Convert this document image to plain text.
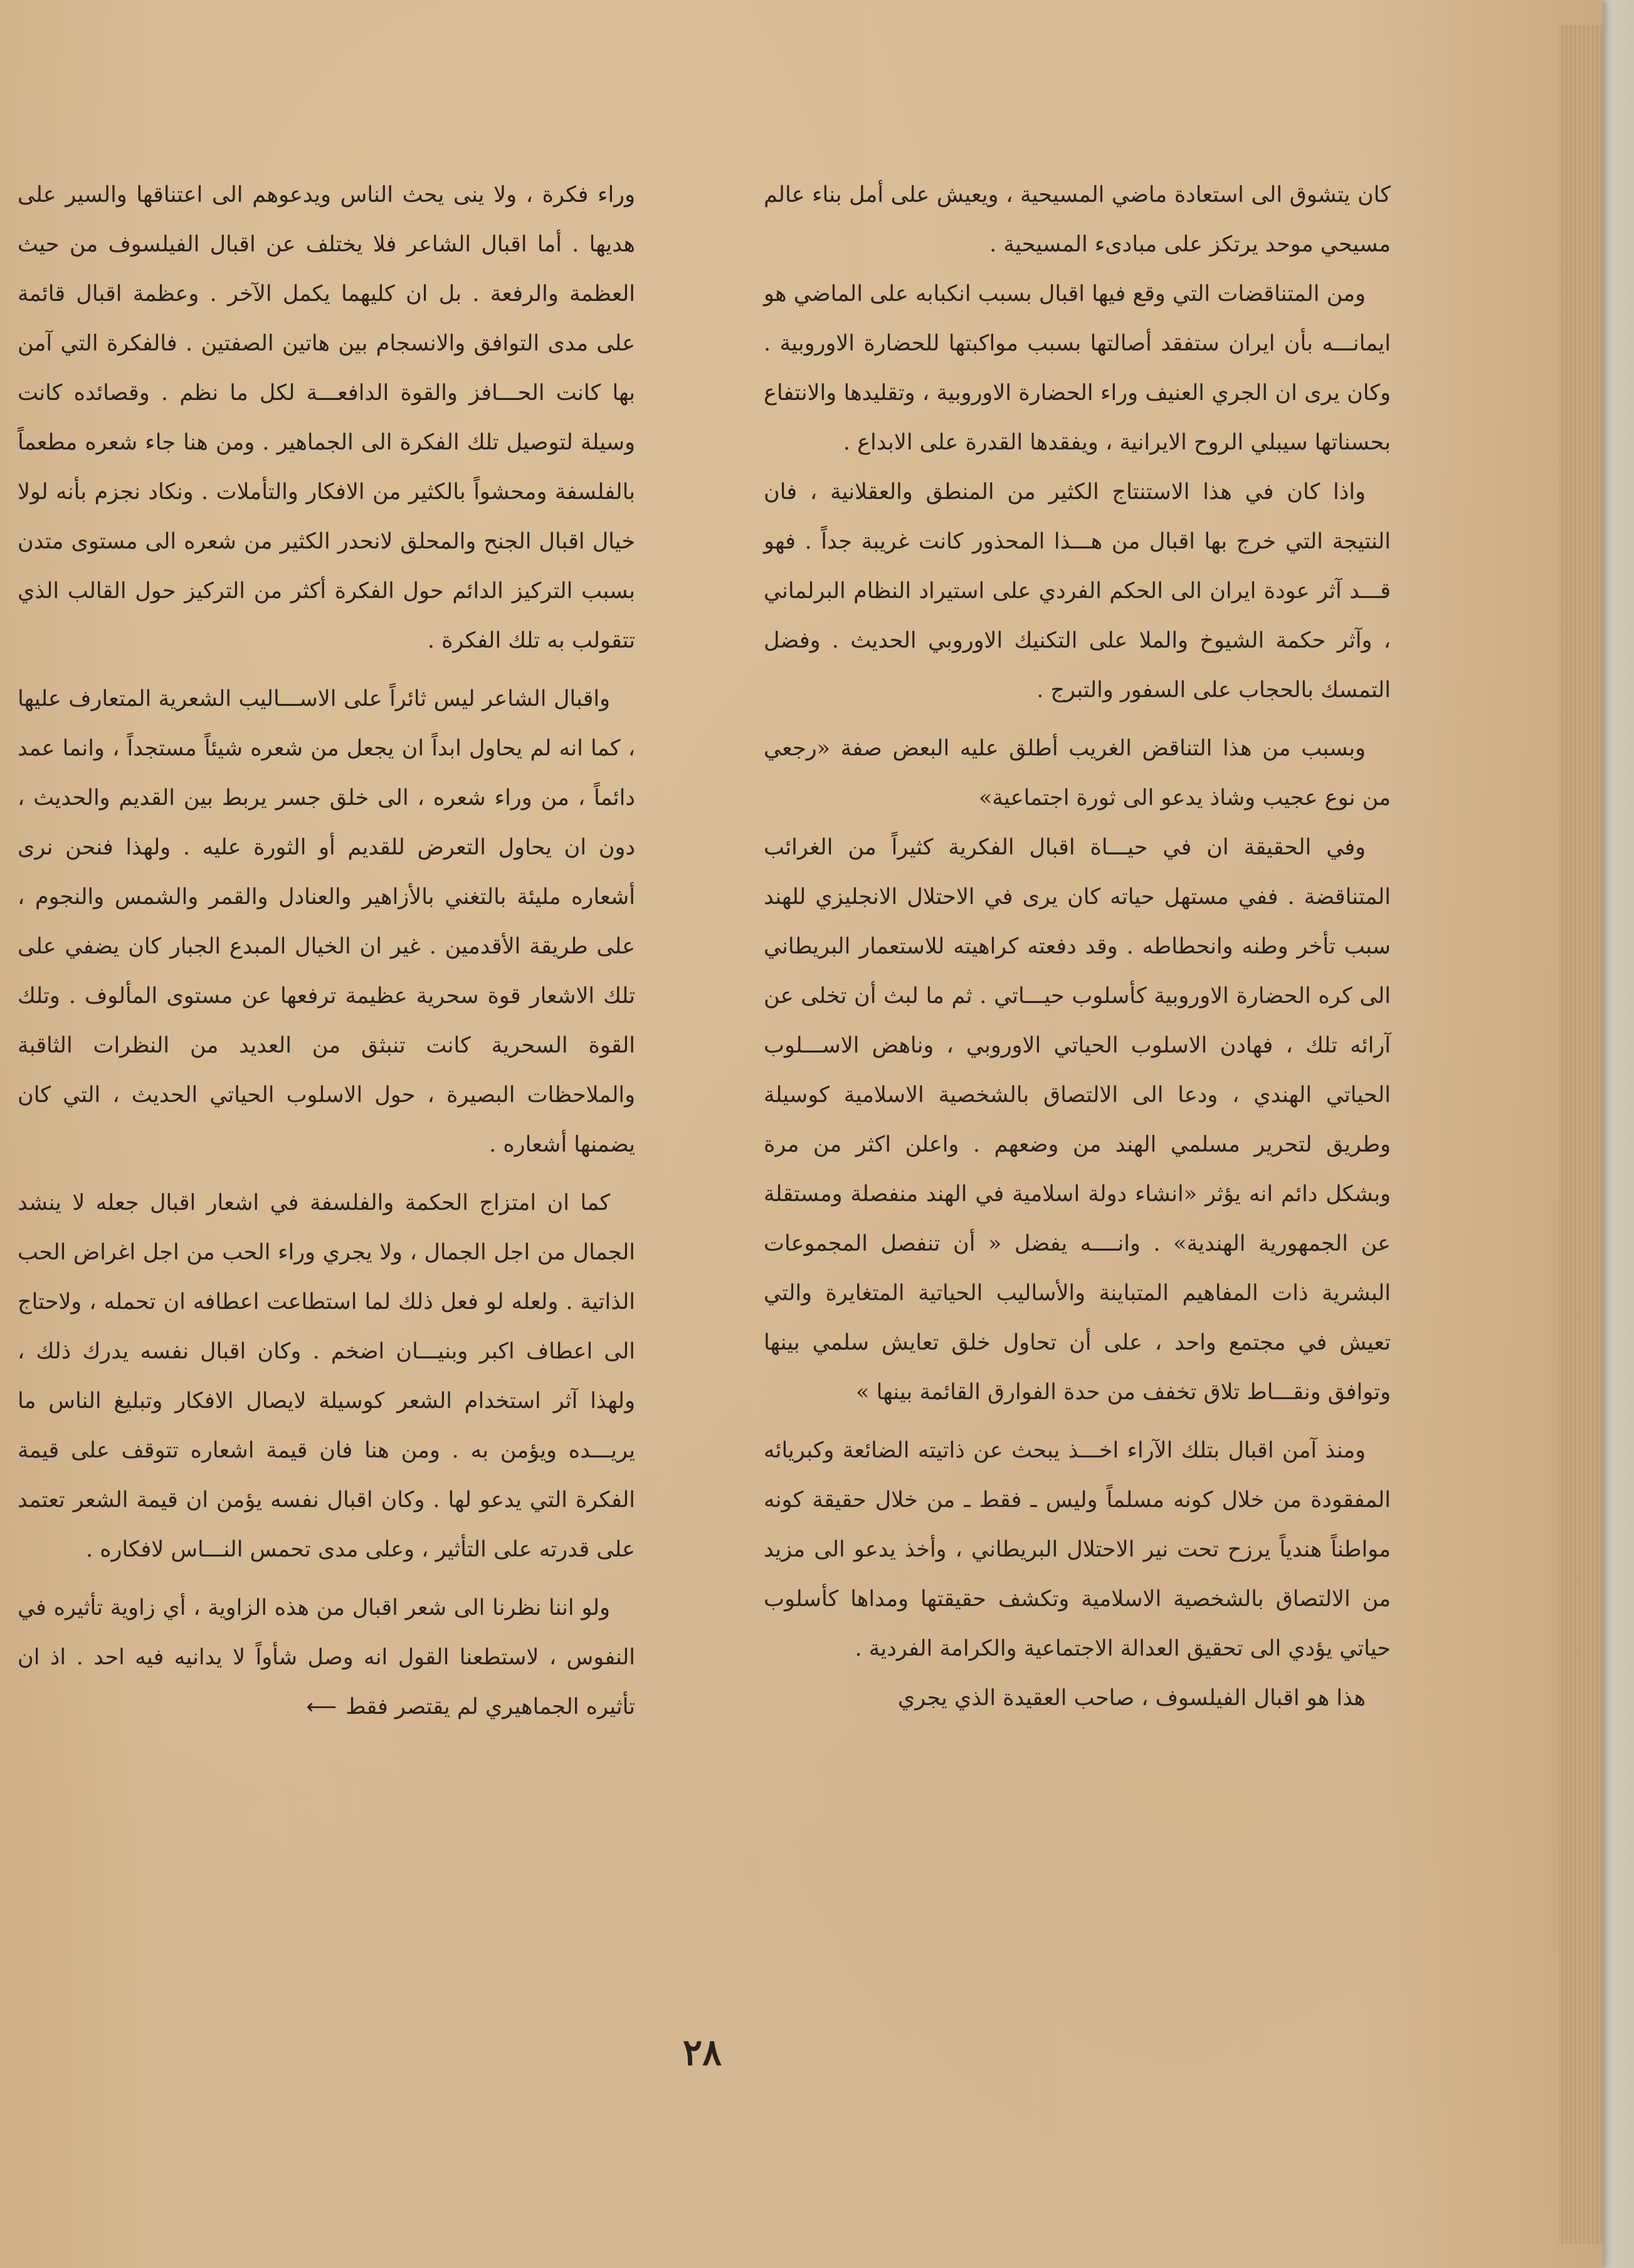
كان يتشوق الى استعادة ماضي المسيحية ، ويعيش على أمل بناء عالم مسيحي موحد يرتكز على مبادىء المسيحية .

ومن المتناقضات التي وقع فيها اقبال بسبب انكبابه على الماضي هو ايمانـــه بأن ايران ستفقد أصالتها بسبب مواكبتها للحضارة الاوروبية . وكان يرى ان الجري العنيف وراء الحضارة الاوروبية ، وتقليدها والانتفاع بحسناتها سيبلي الروح الايرانية ، ويفقدها القدرة على الابداع .

واذا كان في هذا الاستنتاج الكثير من المنطق والعقلانية ، فان النتيجة التي خرج بها اقبال من هـــذا المحذور كانت غريبة جداً . فهو قـــد آثر عودة ايران الى الحكم الفردي على استيراد النظام البرلماني ، وآثر حكمة الشيوخ والملا على التكنيك الاوروبي الحديث . وفضل التمسك بالحجاب على السفور والتبرج .

وبسبب من هذا التناقض الغريب أطلق عليه البعض صفة «رجعي من نوع عجيب وشاذ يدعو الى ثورة اجتماعية»

وفي الحقيقة ان في حيـــاة اقبال الفكرية كثيراً من الغرائب المتناقضة . ففي مستهل حياته كان يرى في الاحتلال الانجليزي للهند سبب تأخر وطنه وانحطاطه . وقد دفعته كراهيته للاستعمار البريطاني الى كره الحضارة الاوروبية كأسلوب حيـــاتي . ثم ما لبث أن تخلى عن آرائه تلك ، فهادن الاسلوب الحياتي الاوروبي ، وناهض الاســـلوب الحياتي الهندي ، ودعا الى الالتصاق بالشخصية الاسلامية كوسيلة وطريق لتحرير مسلمي الهند من وضعهم . واعلن اكثر من مرة وبشكل دائم انه يؤثر «انشاء دولة اسلامية في الهند منفصلة ومستقلة عن الجمهورية الهندية» . وانــــه يفضل « أن تنفصل المجموعات البشرية ذات المفاهيم المتباينة والأساليب الحياتية المتغايرة والتي تعيش في مجتمع واحد ، على أن تحاول خلق تعايش سلمي بينها وتوافق ونقـــاط تلاق تخفف من حدة الفوارق القائمة بينها »

ومنذ آمن اقبال بتلك الآراء اخـــذ يبحث عن ذاتيته الضائعة وكبريائه المفقودة من خلال كونه مسلماً وليس ـ فقط ـ من خلال حقيقة كونه مواطناً هندياً يرزح تحت نير الاحتلال البريطاني ، وأخذ يدعو الى مزيد من الالتصاق بالشخصية الاسلامية وتكشف حقيقتها ومداها كأسلوب حياتي يؤدي الى تحقيق العدالة الاجتماعية والكرامة الفردية .

هذا هو اقبال الفيلسوف ، صاحب العقيدة الذي يجري

وراء فكرة ، ولا ينى يحث الناس ويدعوهم الى اعتناقها والسير على هديها . أما اقبال الشاعر فلا يختلف عن اقبال الفيلسوف من حيث العظمة والرفعة . بل ان كليهما يكمل الآخر . وعظمة اقبال قائمة على مدى التوافق والانسجام بين هاتين الصفتين . فالفكرة التي آمن بها كانت الحـــافز والقوة الدافعـــة لكل ما نظم . وقصائده كانت وسيلة لتوصيل تلك الفكرة الى الجماهير . ومن هنا جاء شعره مطعماً بالفلسفة ومحشواً بالكثير من الافكار والتأملات . ونكاد نجزم بأنه لولا خيال اقبال الجنح والمحلق لانحدر الكثير من شعره الى مستوى متدن بسبب التركيز الدائم حول الفكرة أكثر من التركيز حول القالب الذي تتقولب به تلك الفكرة .

واقبال الشاعر ليس ثائراً على الاســـاليب الشعرية المتعارف عليها ، كما انه لم يحاول ابداً ان يجعل من شعره شيئاً مستجداً ، وانما عمد دائماً ، من وراء شعره ، الى خلق جسر يربط بين القديم والحديث ، دون ان يحاول التعرض للقديم أو الثورة عليه . ولهذا فنحن نرى أشعاره مليئة بالتغني بالأزاهير والعنادل والقمر والشمس والنجوم ، على طريقة الأقدمين . غير ان الخيال المبدع الجبار كان يضفي على تلك الاشعار قوة سحرية عظيمة ترفعها عن مستوى المألوف . وتلك القوة السحرية كانت تنبثق من العديد من النظرات الثاقبة والملاحظات البصيرة ، حول الاسلوب الحياتي الحديث ، التي كان يضمنها أشعاره .

كما ان امتزاج الحكمة والفلسفة في اشعار اقبال جعله لا ينشد الجمال من اجل الجمال ، ولا يجري وراء الحب من اجل اغراض الحب الذاتية . ولعله لو فعل ذلك لما استطاعت اعطافه ان تحمله ، ولاحتاج الى اعطاف اكبر وبنيـــان اضخم . وكان اقبال نفسه يدرك ذلك ، ولهذا آثر استخدام الشعر كوسيلة لايصال الافكار وتبليغ الناس ما يريـــده ويؤمن به . ومن هنا فان قيمة اشعاره تتوقف على قيمة الفكرة التي يدعو لها . وكان اقبال نفسه يؤمن ان قيمة الشعر تعتمد على قدرته على التأثير ، وعلى مدى تحمس النـــاس لافكاره .

ولو اننا نظرنا الى شعر اقبال من هذه الزاوية ، أي زاوية تأثيره في النفوس ، لاستطعنا القول انه وصل شأواً لا يدانيه فيه احد . اذ ان تأثيره الجماهيري لم يقتصر فقط⟵

٢٨
